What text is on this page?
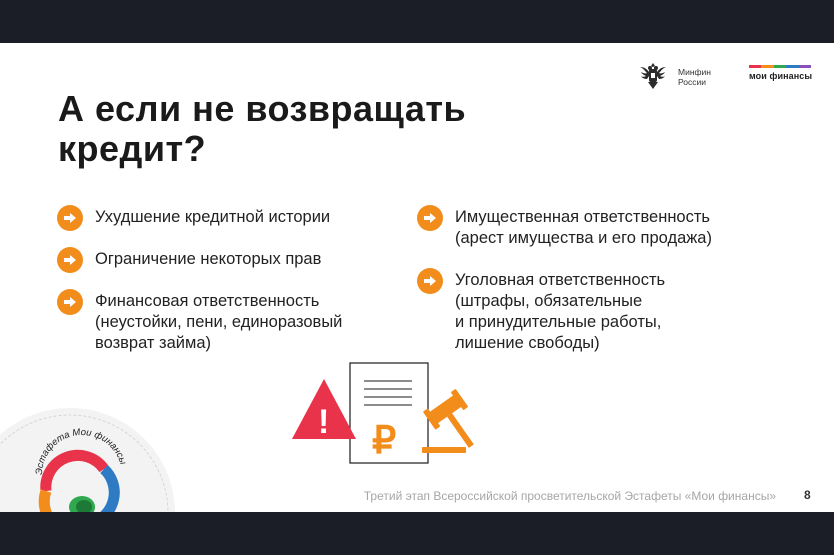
Минфин
России
мои финансы
А если не возвращать
кредит?
Ухудшение кредитной истории
Ограничение некоторых прав
Финансовая ответственность
(неустойки, пени, единоразовый
возврат займа)
Имущественная ответственность
(арест имущества и его продажа)
Уголовная ответственность
(штрафы, обязательные
и принудительные работы,
лишение свободы)
₽
!
Эстафета Мои финансы
Третий этап Всероссийской просветительской Эстафеты «Мои финансы» 8
